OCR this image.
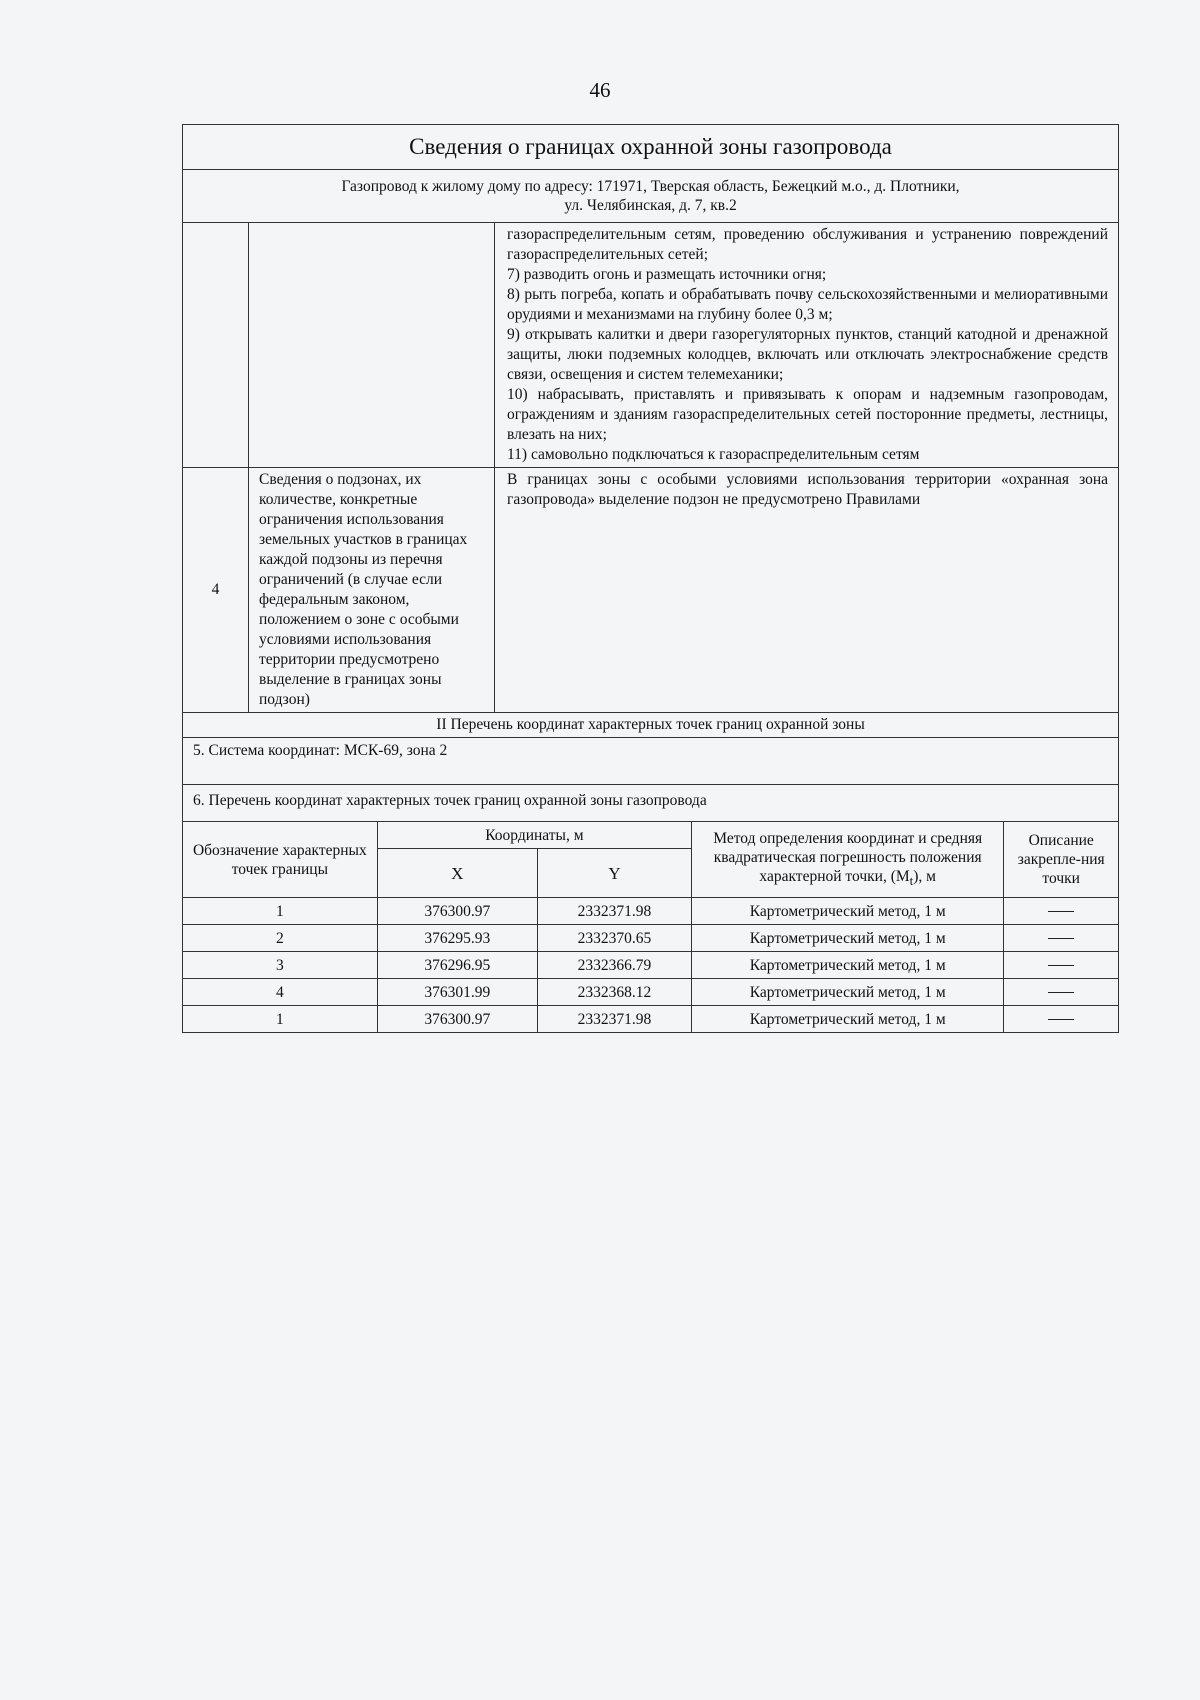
46
Сведения о границах охранной зоны газопровода

Газопровод к жилому дому по адресу: 171971, Тверская область, Бежецкий м.о., д. Плотники,
ул. Челябинская, д. 7, кв.2

газораспределительным сетям, проведению обслуживания и устранению повреждений газораспределительных сетей;

7) разводить огонь и размещать источники огня;

8) рыть погреба, копать и обрабатывать почву сельскохозяйственными и мелиоративными орудиями и механизмами на глубину более 0,3 м;

9) открывать калитки и двери газорегуляторных пунктов, станций катодной и дренажной защиты, люки подземных колодцев, включать или отключать электроснабжение средств связи, освещения и систем телемеханики;

10) набрасывать, приставлять и привязывать к опорам и надземным газопроводам, ограждениям и зданиям газораспределительных сетей посторонние предметы, лестницы, влезать на них;

11) самовольно подключаться к газораспределительным сетям

4	Сведения о подзонах, их количестве, конкретные ограничения использования земельных участков в границах каждой подзоны из перечня ограничений (в случае если федеральным законом, положением о зоне с особыми условиями использования территории предусмотрено выделение в границах зоны подзон)	В границах зоны с особыми условиями использования территории «охранная зона газопровода» выделение подзон не предусмотрено Правилами
II Перечень координат характерных точек границ охранной зоны
5. Система координат: МСК-69, зона 2
6. Перечень координат характерных точек границ охранной зоны газопровода

Обозначение характерных точек границы	Координаты, м	Метод определения координат и средняя квадратическая погрешность положения характерной точки, $(M_t)$, м	Описание закрепле-ния точки
X	Y
1	376300.97	2332371.98	Картометрический метод, 1 м	
2	376295.93	2332370.65	Картометрический метод, 1 м	
3	376296.95	2332366.79	Картометрический метод, 1 м	
4	376301.99	2332368.12	Картометрический метод, 1 м	
1	376300.97	2332371.98	Картометрический метод, 1 м	
